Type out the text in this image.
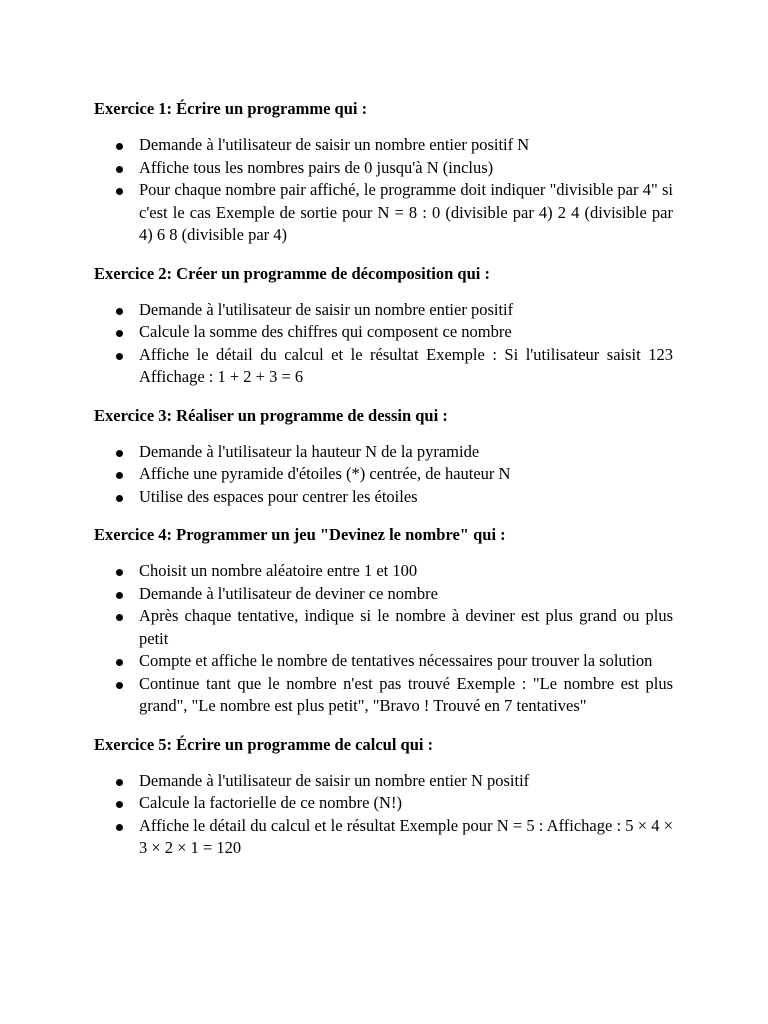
Exercice 1: Écrire un programme qui :
Demande à l'utilisateur de saisir un nombre entier positif N
Affiche tous les nombres pairs de 0 jusqu'à N (inclus)
Pour chaque nombre pair affiché, le programme doit indiquer "divisible par 4" si c'est le cas Exemple de sortie pour N = 8 : 0 (divisible par 4) 2 4 (divisible par 4) 6 8 (divisible par 4)
Exercice 2: Créer un programme de décomposition qui :
Demande à l'utilisateur de saisir un nombre entier positif
Calcule la somme des chiffres qui composent ce nombre
Affiche le détail du calcul et le résultat Exemple : Si l'utilisateur saisit 123 Affichage : 1 + 2 + 3 = 6
Exercice 3: Réaliser un programme de dessin qui :
Demande à l'utilisateur la hauteur N de la pyramide
Affiche une pyramide d'étoiles (*) centrée, de hauteur N
Utilise des espaces pour centrer les étoiles
Exercice 4: Programmer un jeu "Devinez le nombre" qui :
Choisit un nombre aléatoire entre 1 et 100
Demande à l'utilisateur de deviner ce nombre
Après chaque tentative, indique si le nombre à deviner est plus grand ou plus petit
Compte et affiche le nombre de tentatives nécessaires pour trouver la solution
Continue tant que le nombre n'est pas trouvé Exemple : "Le nombre est plus grand", "Le nombre est plus petit", "Bravo ! Trouvé en 7 tentatives"
Exercice 5: Écrire un programme de calcul qui :
Demande à l'utilisateur de saisir un nombre entier N positif
Calcule la factorielle de ce nombre (N!)
Affiche le détail du calcul et le résultat Exemple pour N = 5 : Affichage : 5 × 4 × 3 × 2 × 1 = 120
